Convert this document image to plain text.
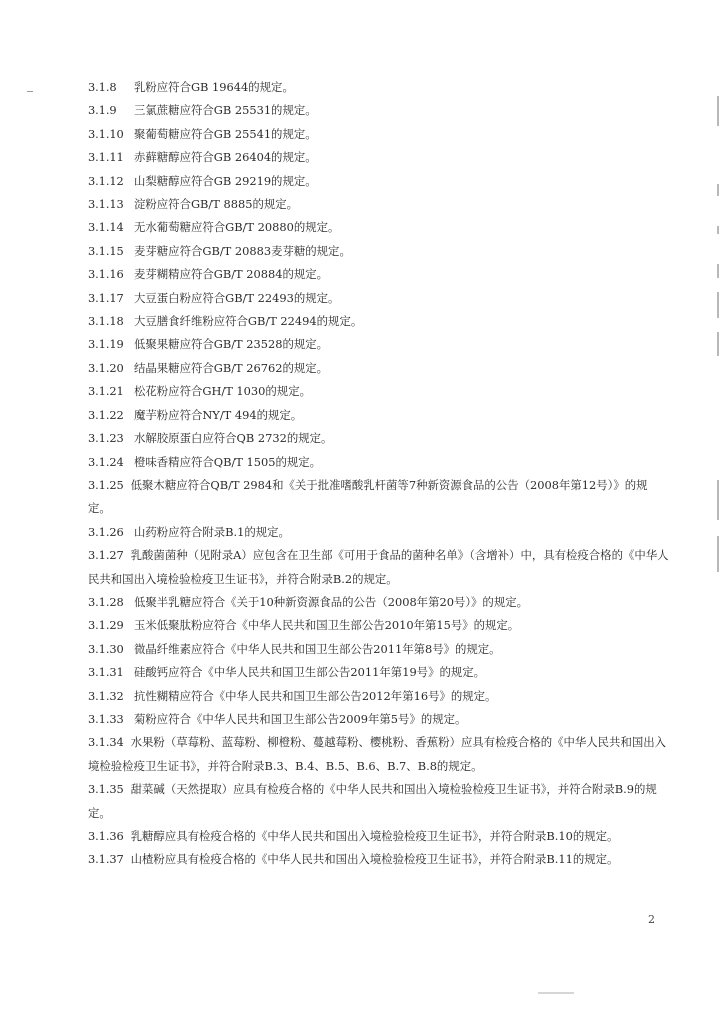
3.1.8 乳粉应符合GB 19644的规定。
3.1.9 三氯蔗糖应符合GB 25531的规定。
3.1.10 聚葡萄糖应符合GB 25541的规定。
3.1.11 赤藓糖醇应符合GB 26404的规定。
3.1.12 山梨糖醇应符合GB 29219的规定。
3.1.13 淀粉应符合GB/T 8885的规定。
3.1.14 无水葡萄糖应符合GB/T 20880的规定。
3.1.15 麦芽糖应符合GB/T 20883麦芽糖的规定。
3.1.16 麦芽糊精应符合GB/T 20884的规定。
3.1.17 大豆蛋白粉应符合GB/T 22493的规定。
3.1.18 大豆膳食纤维粉应符合GB/T 22494的规定。
3.1.19 低聚果糖应符合GB/T 23528的规定。
3.1.20 结晶果糖应符合GB/T 26762的规定。
3.1.21 松花粉应符合GH/T 1030的规定。
3.1.22 魔芋粉应符合NY/T 494的规定。
3.1.23 水解胶原蛋白应符合QB 2732的规定。
3.1.24 橙味香精应符合QB/T 1505的规定。
3.1.25 低聚木糖应符合QB/T 2984和《关于批准嗜酸乳杆菌等7种新资源食品的公告（2008年第12号）》的规定。
3.1.26 山药粉应符合附录B.1的规定。
3.1.27 乳酸菌菌种（见附录A）应包含在卫生部《可用于食品的菌种名单》（含增补）中，具有检疫合格的《中华人民共和国出入境检验检疫卫生证书》，并符合附录B.2的规定。
3.1.28 低聚半乳糖应符合《关于10种新资源食品的公告（2008年第20号）》的规定。
3.1.29 玉米低聚肽粉应符合《中华人民共和国卫生部公告2010年第15号》的规定。
3.1.30 微晶纤维素应符合《中华人民共和国卫生部公告2011年第8号》的规定。
3.1.31 硅酸钙应符合《中华人民共和国卫生部公告2011年第19号》的规定。
3.1.32 抗性糊精应符合《中华人民共和国卫生部公告2012年第16号》的规定。
3.1.33 菊粉应符合《中华人民共和国卫生部公告2009年第5号》的规定。
3.1.34 水果粉（草莓粉、蓝莓粉、柳橙粉、蔓越莓粉、樱桃粉、香蕉粉）应具有检疫合格的《中华人民共和国出入境检验检疫卫生证书》，并符合附录B.3、B.4、B.5、B.6、B.7、B.8的规定。
3.1.35 甜菜碱（天然提取）应具有检疫合格的《中华人民共和国出入境检验检疫卫生证书》，并符合附录B.9的规定。
3.1.36 乳糖醇应具有检疫合格的《中华人民共和国出入境检验检疫卫生证书》，并符合附录B.10的规定。
3.1.37 山楂粉应具有检疫合格的《中华人民共和国出入境检验检疫卫生证书》，并符合附录B.11的规定。
2
